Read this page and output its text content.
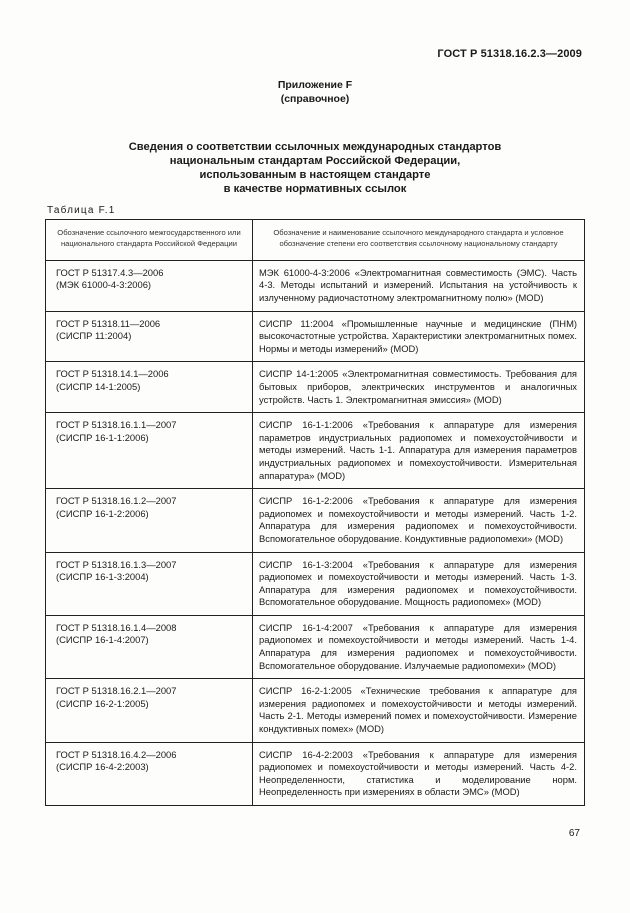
ГОСТ Р 51318.16.2.3—2009
Приложение F
(справочное)
Сведения о соответствии ссылочных международных стандартов
национальным стандартам Российской Федерации,
использованным в настоящем стандарте
в качестве нормативных ссылок
Таблица F.1
Обозначение ссылочного межгосударственного или национального стандарта Российской Федерации	Обозначение и наименование ссылочного международного стандарта и условное обозначение степени его соответствия ссылочному национальному стандарту

ГОСТ Р 51317.4.3—2006
(МЭК 61000-4-3:2006)	МЭК 61000-4-3:2006 «Электромагнитная совместимость (ЭМС). Часть 4-3. Методы испытаний и измерений. Испытания на устойчивость к излученному радиочастотному электромагнитному полю» (MOD)

ГОСТ Р 51318.11—2006
(СИСПР 11:2004)	СИСПР 11:2004 «Промышленные научные и медицинские (ПНМ) высокочастотные устройства. Характеристики электромагнитных помех. Нормы и методы измерений» (MOD)

ГОСТ Р 51318.14.1—2006
(СИСПР 14-1:2005)	СИСПР 14-1:2005 «Электромагнитная совместимость. Требования для бытовых приборов, электрических инструментов и аналогичных устройств. Часть 1. Электромагнитная эмиссия» (MOD)

ГОСТ Р 51318.16.1.1—2007
(СИСПР 16-1-1:2006)	СИСПР 16-1-1:2006 «Требования к аппаратуре для измерения параметров индустриальных радиопомех и помехоустойчивости и методы измерений. Часть 1-1. Аппаратура для измерения параметров индустриальных радиопомех и помехоустойчивости. Измерительная аппаратура» (MOD)

ГОСТ Р 51318.16.1.2—2007
(СИСПР 16-1-2:2006)	СИСПР 16-1-2:2006 «Требования к аппаратуре для измерения радиопомех и помехоустойчивости и методы измерений. Часть 1-2. Аппаратура для измерения радиопомех и помехоустойчивости. Вспомогательное оборудование. Кондуктивные радиопомехи» (MOD)

ГОСТ Р 51318.16.1.3—2007
(СИСПР 16-1-3:2004)	СИСПР 16-1-3:2004 «Требования к аппаратуре для измерения радиопомех и помехоустойчивости и методы измерений. Часть 1-3. Аппаратура для измерения радиопомех и помехоустойчивости. Вспомогательное оборудование. Мощность радиопомех» (MOD)

ГОСТ Р 51318.16.1.4—2008
(СИСПР 16-1-4:2007)	СИСПР 16-1-4:2007 «Требования к аппаратуре для измерения радиопомех и помехоустойчивости и методы измерений. Часть 1-4. Аппаратура для измерения радиопомех и помехоустойчивости. Вспомогательное оборудование. Излучаемые радиопомехи» (MOD)

ГОСТ Р 51318.16.2.1—2007
(СИСПР 16-2-1:2005)	СИСПР 16-2-1:2005 «Технические требования к аппаратуре для измерения радиопомех и помехоустойчивости и методы измерений. Часть 2-1. Методы измерений помех и помехоустойчивости. Измерение кондуктивных помех» (MOD)

ГОСТ Р 51318.16.4.2—2006
(СИСПР 16-4-2:2003)	СИСПР 16-4-2:2003 «Требования к аппаратуре для измерения радиопомех и помехоустойчивости и методы измерений. Часть 4-2. Неопределенности, статистика и моделирование норм. Неопределенность при измерениях в области ЭМС» (MOD)
67
